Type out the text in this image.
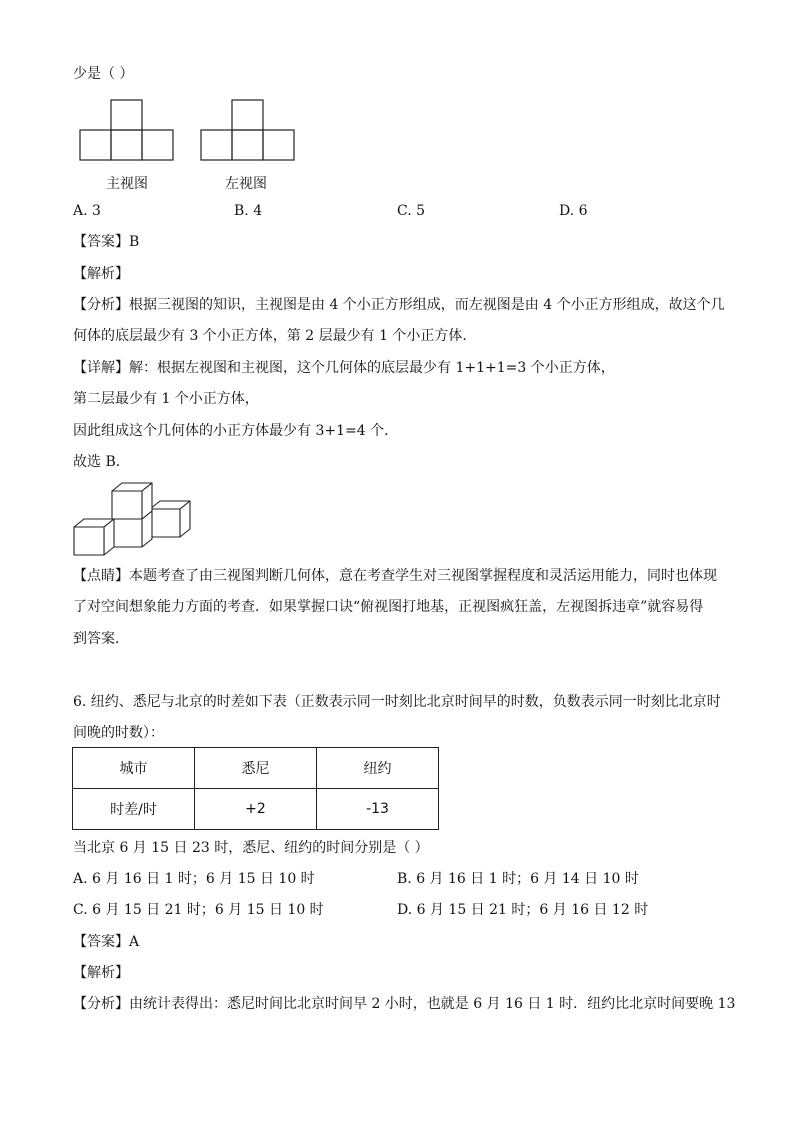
少是（ ）
主视图	左视图
A. 3	B. 4	C. 5	D. 6
【答案】B
【解析】
【分析】根据三视图的知识，主视图是由 4 个小正方形组成，而左视图是由 4 个小正方形组成，故这个几
何体的底层最少有 3 个小正方体，第 2 层最少有 1 个小正方体．
【详解】解：根据左视图和主视图，这个几何体的底层最少有 1+1+1=3 个小正方体，
第二层最少有 1 个小正方体，
因此组成这个几何体的小正方体最少有 3+1=4 个．
故选 B．
【点睛】本题考查了由三视图判断几何体，意在考查学生对三视图掌握程度和灵活运用能力，同时也体现
了对空间想象能力方面的考查．如果掌握口诀“俯视图打地基，正视图疯狂盖，左视图拆违章”就容易得
到答案．
6. 纽约、悉尼与北京的时差如下表（正数表示同一时刻比北京时间早的时数，负数表示同一时刻比北京时
间晚的时数）：
城市	悉尼	纽约
时差/时	+2	-13
当北京 6 月 15 日 23 时，悉尼、纽约的时间分别是（ ）
A. 6 月 16 日 1 时；6 月 15 日 10 时	B. 6 月 16 日 1 时；6 月 14 日 10 时
C. 6 月 15 日 21 时；6 月 15 日 10 时	D. 6 月 15 日 21 时；6 月 16 日 12 时
【答案】A
【解析】
【分析】由统计表得出：悉尼时间比北京时间早 2 小时，也就是 6 月 16 日 1 时．纽约比北京时间要晚 13
